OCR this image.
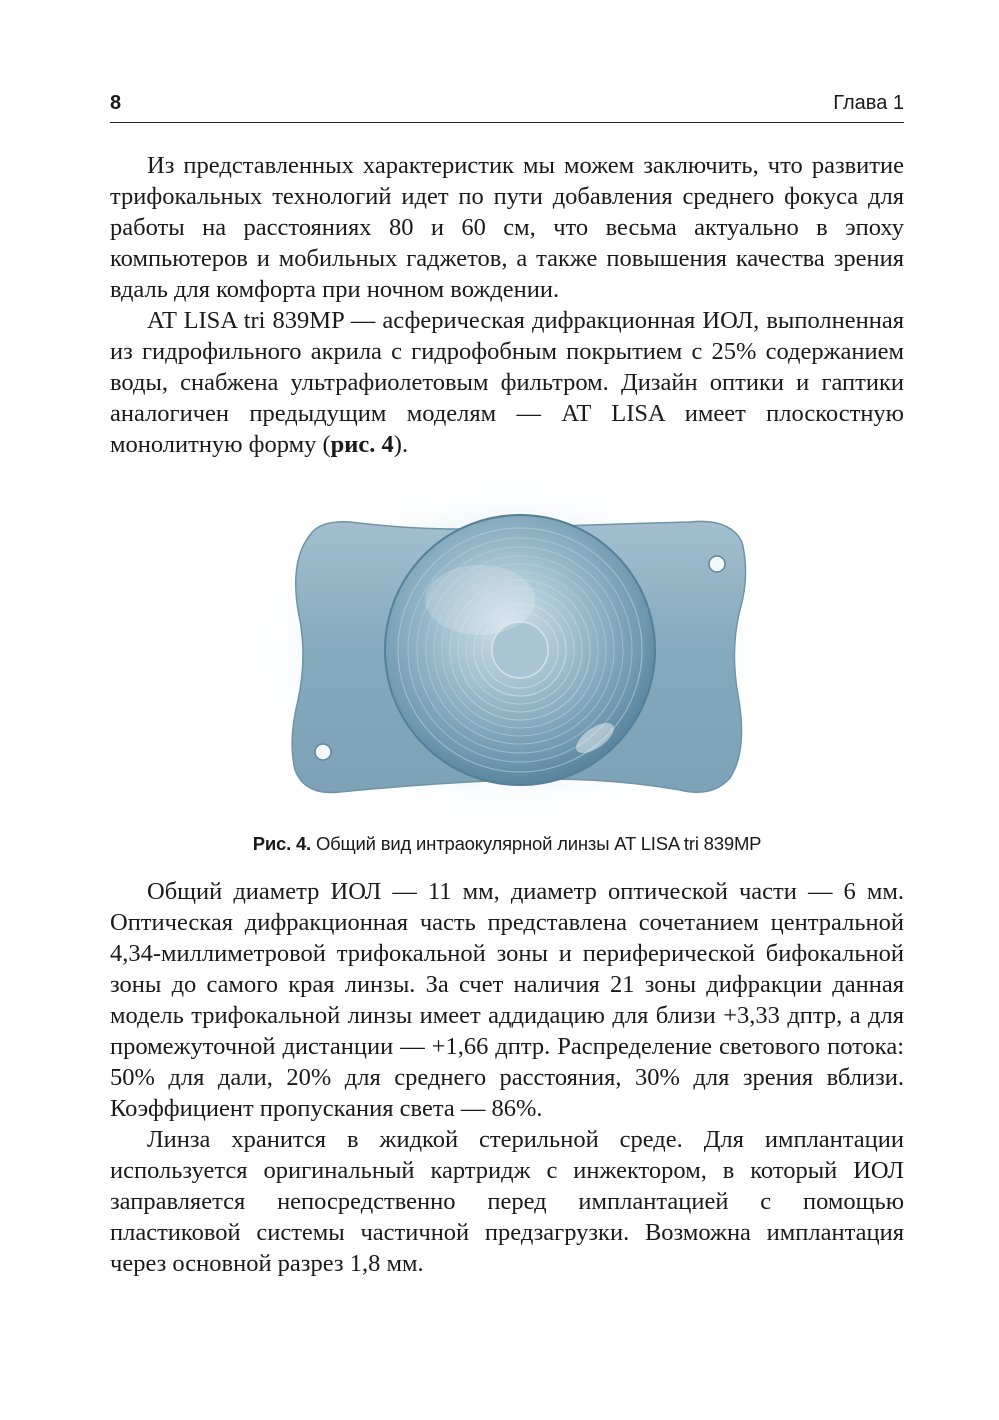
8	Глава 1

Из представленных характеристик мы можем заключить, что развитие трифокальных технологий идет по пути добавления среднего фокуса для работы на расстояниях 80 и 60 см, что весьма актуально в эпоху компьютеров и мобильных гаджетов, а также повышения качества зрения вдаль для комфорта при ночном вождении.

AT LISA tri 839MP — асферическая дифракционная ИОЛ, выполненная из гидрофильного акрила с гидрофобным покрытием с 25% содержанием воды, снабжена ультрафиолетовым фильтром. Дизайн оптики и гаптики аналогичен предыдущим моделям — AT LISA имеет плоскостную монолитную форму (рис. 4).

Рис. 4. Общий вид интраокулярной линзы AT LISA tri 839MP

Общий диаметр ИОЛ — 11 мм, диаметр оптической части — 6 мм. Оптическая дифракционная часть представлена сочетанием центральной 4,34-миллиметровой трифокальной зоны и периферической бифокальной зоны до самого края линзы. За счет наличия 21 зоны дифракции данная модель трифокальной линзы имеет аддидацию для близи +3,33 дптр, а для промежуточной дистанции — +1,66 дптр. Распределение светового потока: 50% для дали, 20% для среднего расстояния, 30% для зрения вблизи. Коэффициент пропускания света — 86%.

Линза хранится в жидкой стерильной среде. Для имплантации используется оригинальный картридж с инжектором, в который ИОЛ заправляется непосредственно перед имплантацией с помощью пластиковой системы частичной предзагрузки. Возможна имплантация через основной разрез 1,8 мм.
